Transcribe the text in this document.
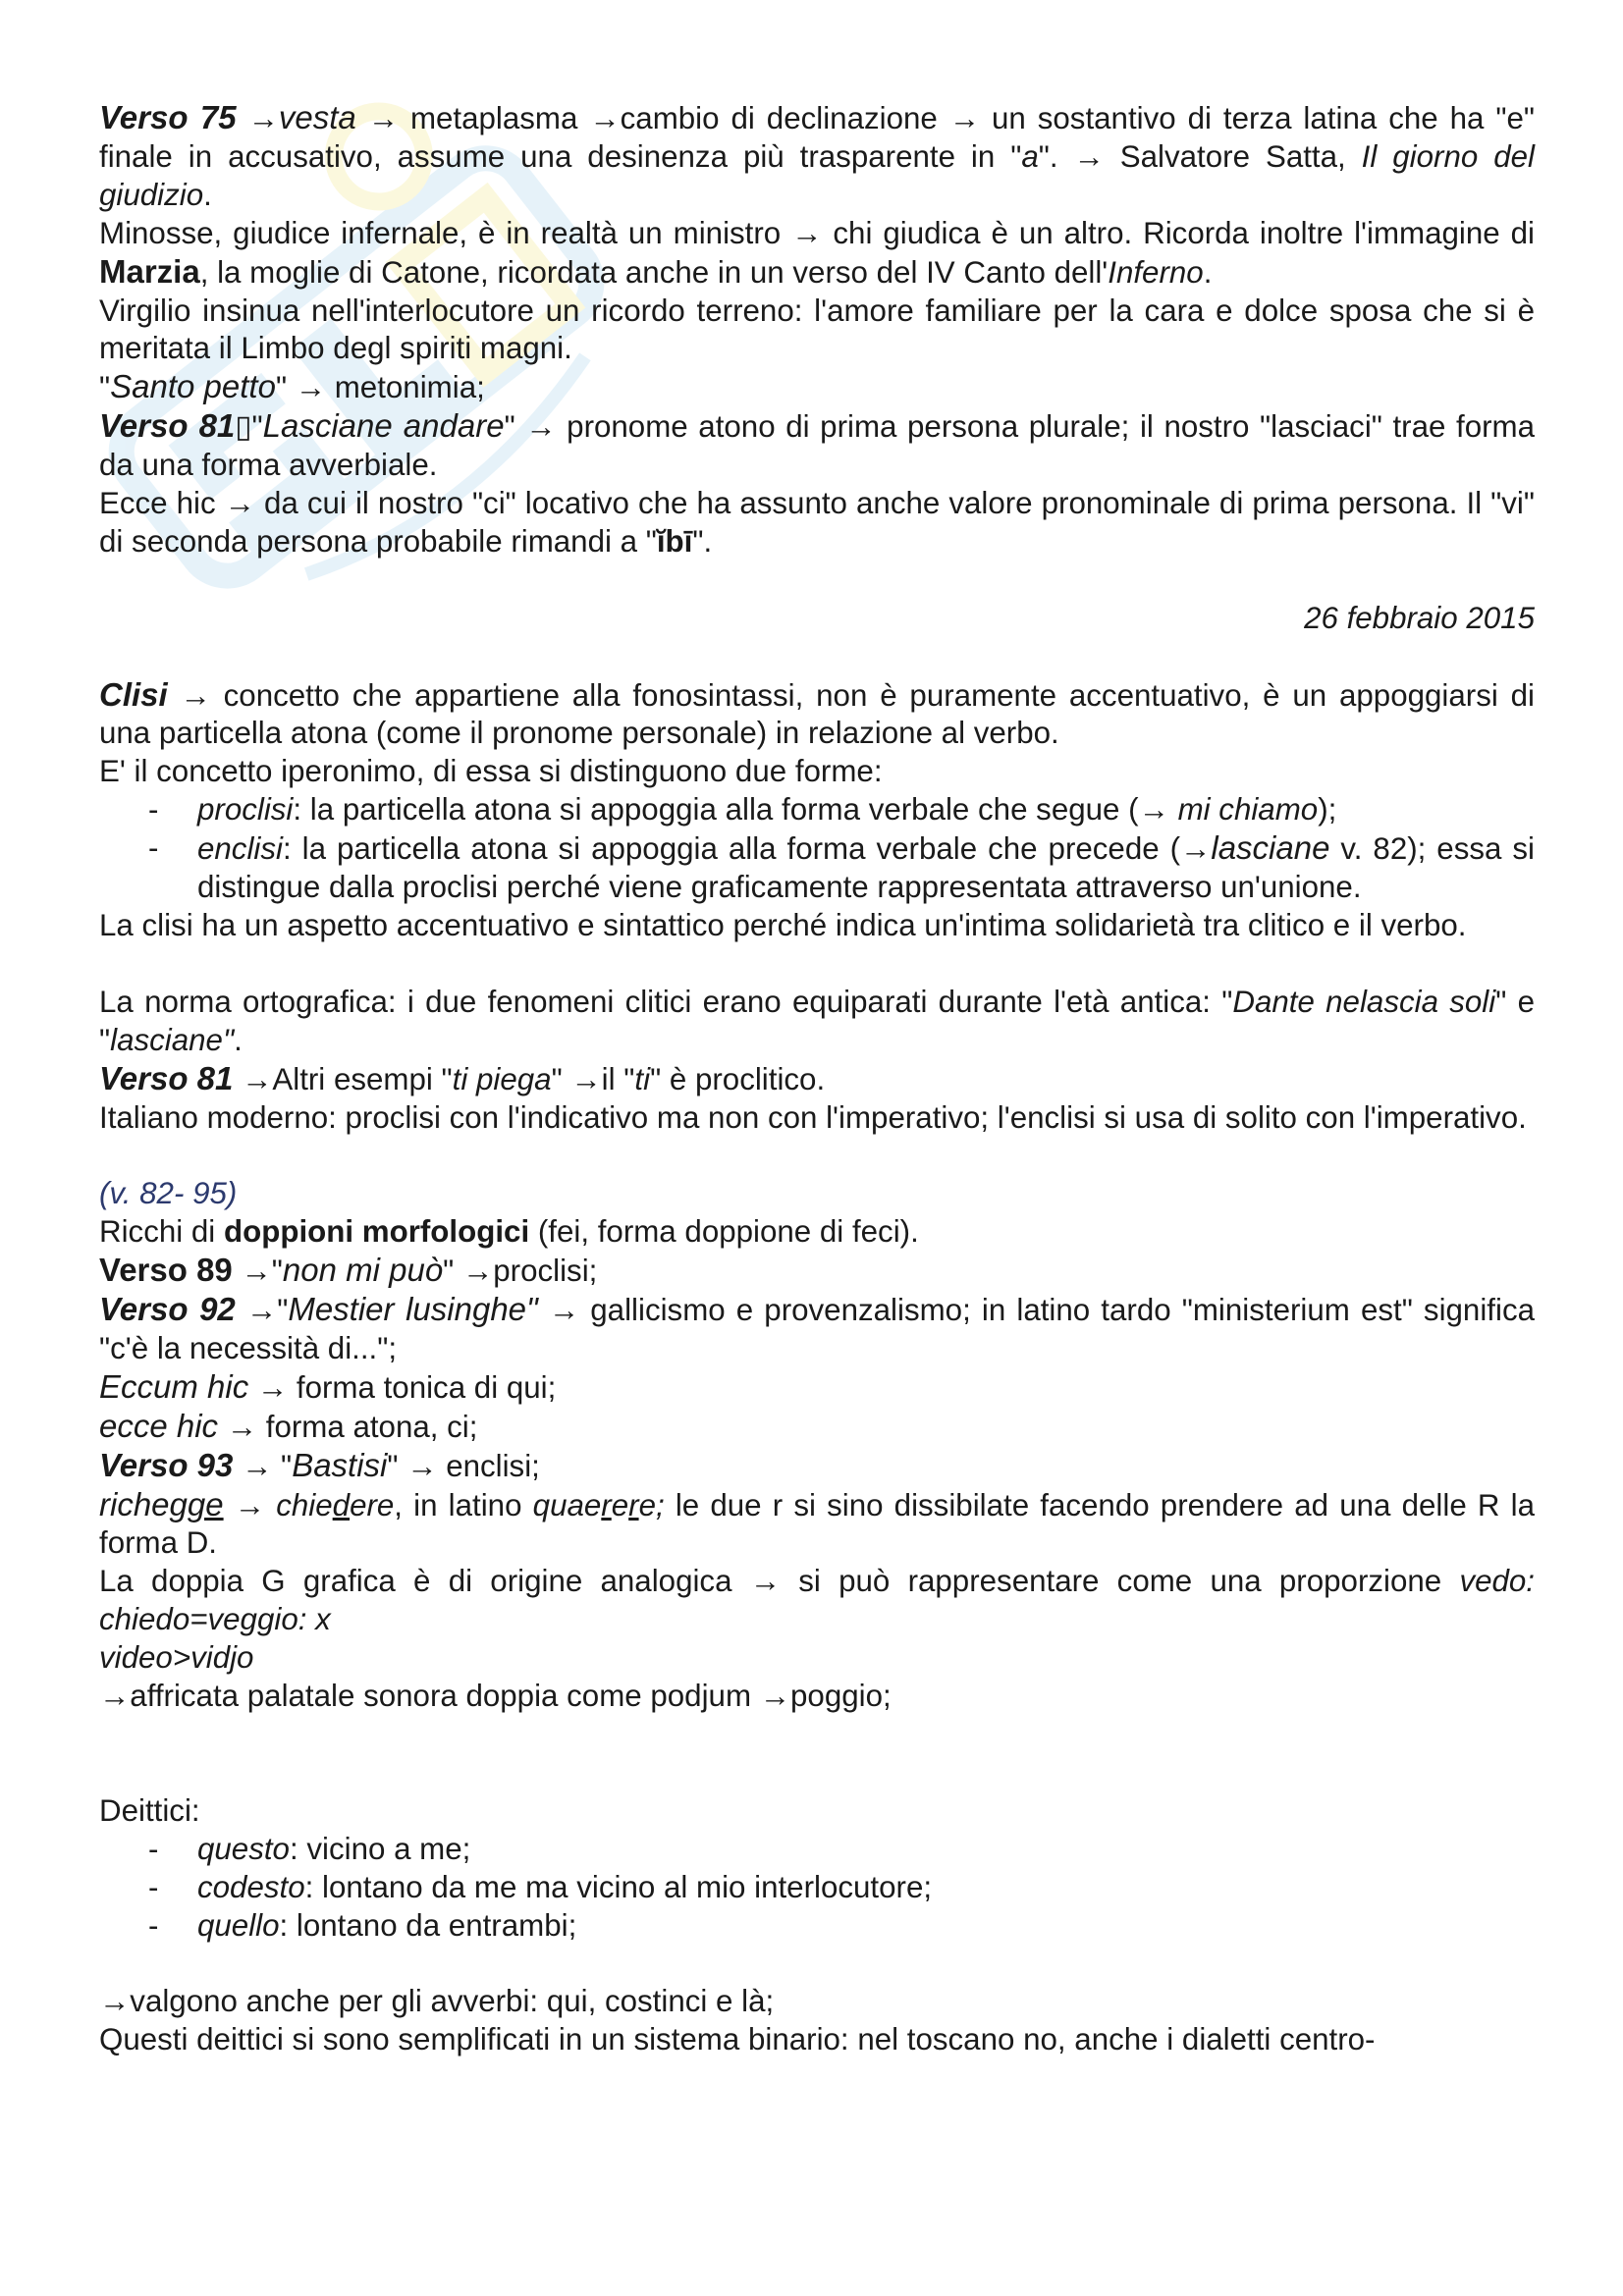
Verso 75 →vesta → metaplasma →cambio di declinazione → un sostantivo di terza latina che ha "e" finale in accusativo, assume una desinenza più trasparente in "a". → Salvatore Satta, Il giorno del giudizio.

Minosse, giudice infernale, è in realtà un ministro → chi giudica è un altro. Ricorda inoltre l'immagine di Marzia, la moglie di Catone, ricordata anche in un verso del IV Canto dell'Inferno.

Virgilio insinua nell'interlocutore un ricordo terreno: l'amore familiare per la cara e dolce sposa che si è meritata il Limbo degl spiriti magni.

"Santo petto" → metonimia;

Verso 81▯"Lasciane andare" → pronome atono di prima persona plurale; il nostro "lasciaci" trae forma da una forma avverbiale.

Ecce hic → da cui il nostro "ci" locativo che ha assunto anche valore pronominale di prima persona. Il "vi" di seconda persona probabile rimandi a "ĭbī".

26 febbraio 2015

Clisi → concetto che appartiene alla fonosintassi, non è puramente accentuativo, è un appoggiarsi di una particella atona (come il pronome personale) in relazione al verbo.

E' il concetto iperonimo, di essa si distinguono due forme:

- proclisi: la particella atona si appoggia alla forma verbale che segue (→ mi chiamo);
- enclisi: la particella atona si appoggia alla forma verbale che precede (→lasciane v. 82); essa si distingue dalla proclisi perché viene graficamente rappresentata attraverso un'unione.

La clisi ha un aspetto accentuativo e sintattico perché indica un'intima solidarietà tra clitico e il verbo.

La norma ortografica: i due fenomeni clitici erano equiparati durante l'età antica: "Dante nelascia soli" e "lasciane".

Verso 81 →Altri esempi "ti piega" →il "ti" è proclitico.

Italiano moderno: proclisi con l'indicativo ma non con l'imperativo; l'enclisi si usa di solito con l'imperativo.

(v. 82- 95)

Ricchi di doppioni morfologici (fei, forma doppione di feci).

Verso 89 →"non mi può" →proclisi;

Verso 92 →"Mestier lusinghe" → gallicismo e provenzalismo; in latino tardo "ministerium est" significa "c'è la necessità di...";

Eccum hic → forma tonica di qui;

ecce hic → forma atona, ci;

Verso 93 → "Bastisi" → enclisi;

richegge → chiedere, in latino quaerere; le due r si sino dissibilate facendo prendere ad una delle R la forma D.

La doppia G grafica è di origine analogica → si può rappresentare come una proporzione vedo: chiedo=veggio: x

video>vidjo

→affricata palatale sonora doppia come podjum →poggio;

Deittici:

- questo: vicino a me;
- codesto: lontano da me ma vicino al mio interlocutore;
- quello: lontano da entrambi;

→valgono anche per gli avverbi: qui, costinci e là;

Questi deittici si sono semplificati in un sistema binario: nel toscano no, anche i dialetti centro-
